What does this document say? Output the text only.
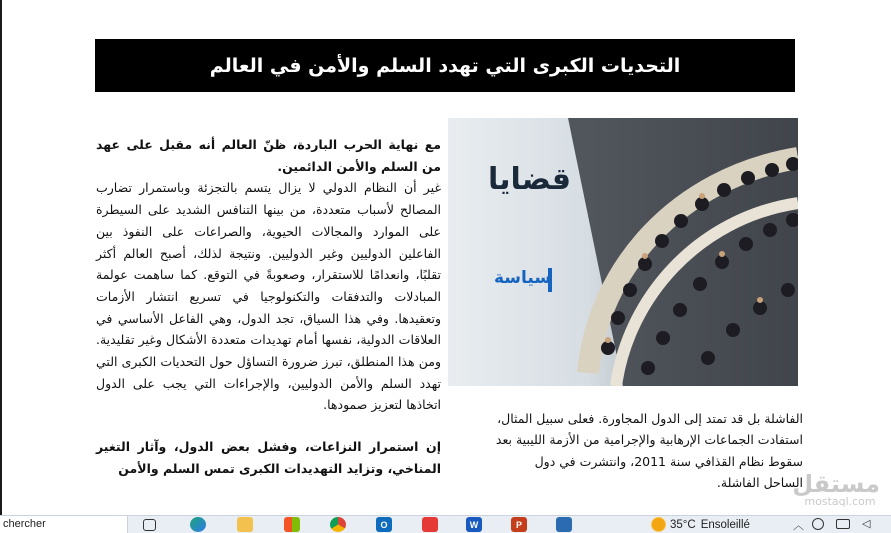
التحديات الكبرى التي تهدد السلم والأمن في العالم

مع نهاية الحرب الباردة، ظنّ العالم أنه مقبل على عهد من السلم والأمن الدائمين.

غير أن النظام الدولي لا يزال يتسم بالتجزئة وباستمرار تضارب المصالح لأسباب متعددة، من بينها التنافس الشديد على السيطرة على الموارد والمجالات الحيوية، والصراعات على النفوذ بين الفاعلين الدوليين وغير الدوليين. ونتيجة لذلك، أصبح العالم أكثر تقلبًا، وانعدامًا للاستقرار، وصعوبةً في التوقع. كما ساهمت عولمة المبادلات والتدفقات والتكنولوجيا في تسريع انتشار الأزمات وتعقيدها. وفي هذا السياق، تجد الدول، وهي الفاعل الأساسي في العلاقات الدولية، نفسها أمام تهديدات متعددة الأشكال وغير تقليدية. ومن هذا المنطلق، تبرز ضرورة التساؤل حول التحديات الكبرى التي تهدد السلم والأمن الدوليين، والإجراءات التي يجب على الدول اتخاذها لتعزيز صمودها.

إن استمرار النزاعات، وفشل بعض الدول، وآثار التغير المناخي، وتزايد التهديدات الكبرى تمس السلم والأمن

قضايا
سياسة

الفاشلة بل قد تمتد إلى الدول المجاورة. فعلى سبيل المثال، استفادت الجماعات الإرهابية والإجرامية من الأزمة الليبية بعد سقوط نظام القذافي سنة 2011، وانتشرت في دول الساحل الفاشلة.

مستقل
mostaql.com
chercher	O	W	P	35°C Ensoleillé	︿	◁
